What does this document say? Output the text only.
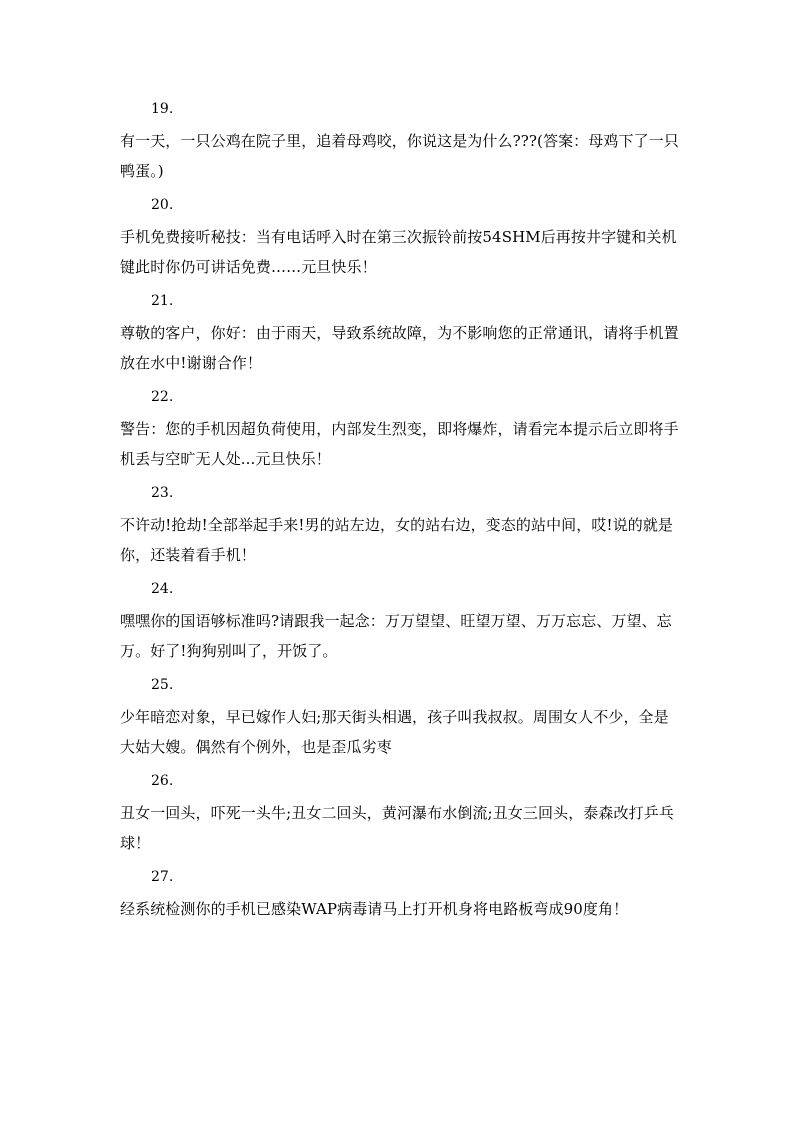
19.
有一天，一只公鸡在院子里，追着母鸡咬，你说这是为什么???(答案：母鸡下了一只鸭蛋。)
20.
手机免费接听秘技：当有电话呼入时在第三次振铃前按54SHM后再按井字键和关机键此时你仍可讲话免费……元旦快乐！
21.
尊敬的客户，你好：由于雨天，导致系统故障，为不影响您的正常通讯，请将手机置放在水中!谢谢合作！
22.
警告：您的手机因超负荷使用，内部发生烈变，即将爆炸，请看完本提示后立即将手机丢与空旷无人处...元旦快乐！
23.
不许动!抢劫!全部举起手来!男的站左边，女的站右边，变态的站中间，哎!说的就是你，还装着看手机！
24.
嘿嘿你的国语够标准吗?请跟我一起念：万万望望、旺望万望、万万忘忘、万望、忘万。好了!狗狗别叫了，开饭了。
25.
少年暗恋对象，早已嫁作人妇;那天街头相遇，孩子叫我叔叔。周围女人不少，全是大姑大嫂。偶然有个例外，也是歪瓜劣枣
26.
丑女一回头，吓死一头牛;丑女二回头，黄河瀑布水倒流;丑女三回头，泰森改打乒乓球！
27.
经系统检测你的手机已感染WAP病毒请马上打开机身将电路板弯成90度角！
